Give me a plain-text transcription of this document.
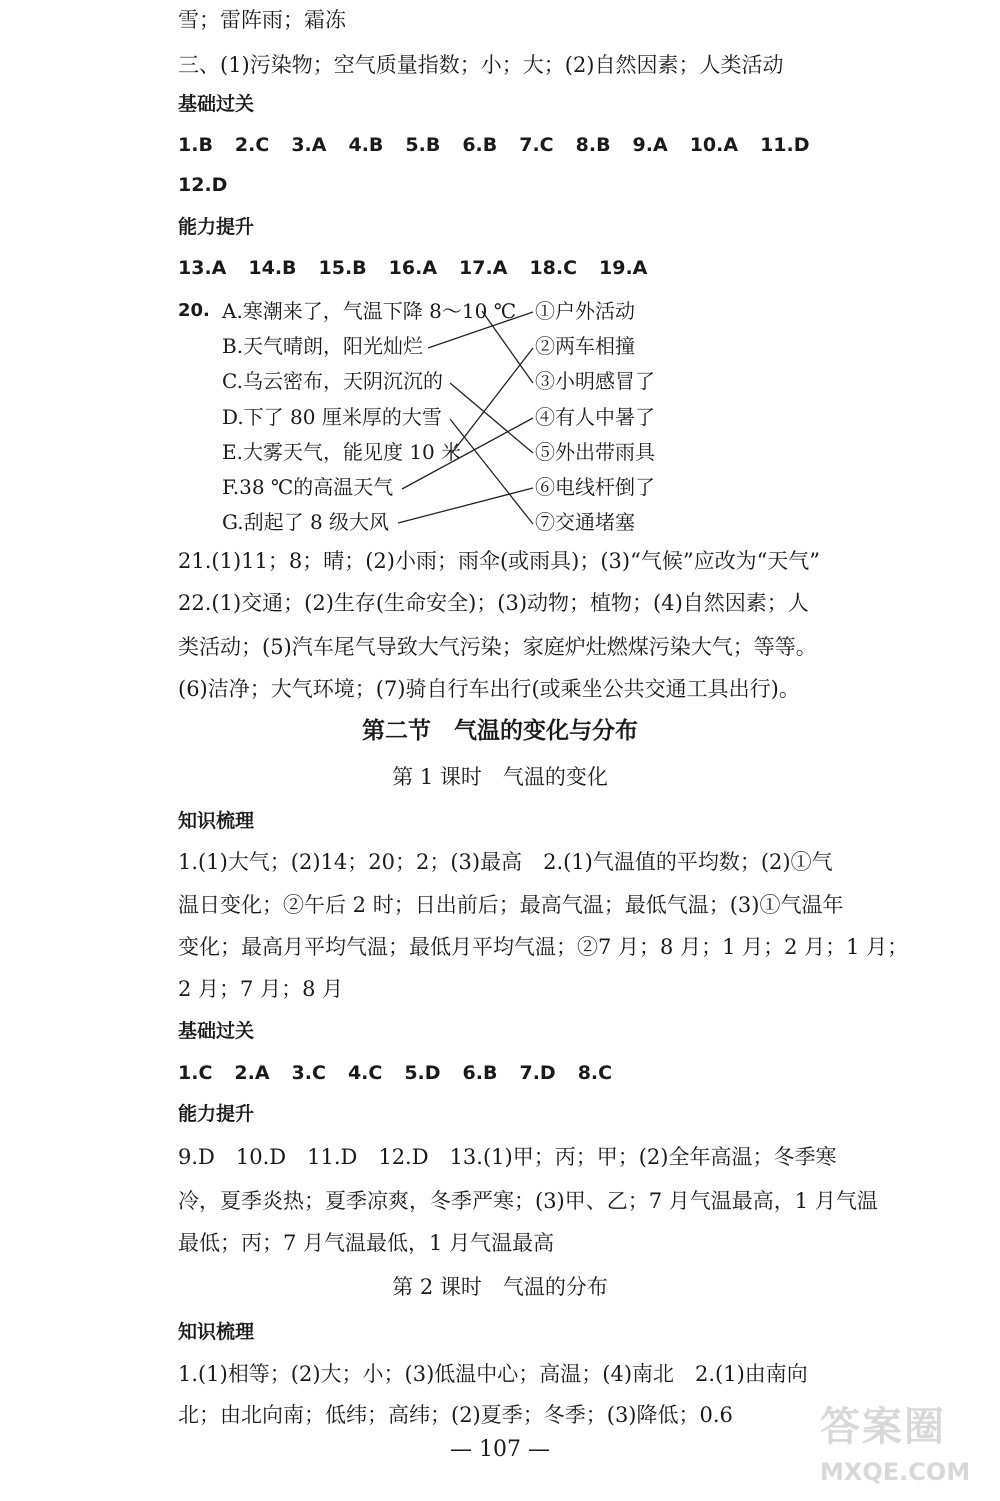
雪；雷阵雨；霜冻
三、(1)污染物；空气质量指数；小；大；(2)自然因素；人类活动
基础过关
1.B 2.C 3.A 4.B 5.B 6.B 7.C 8.B 9.A 10.A 11.D
12.D
能力提升
13.A 14.B 15.B 16.A 17.A 18.C 19.A
20. A.寒潮来了，气温下降 8～10 ℃
B.天气晴朗，阳光灿烂
C.乌云密布，天阴沉沉的
D.下了 80 厘米厚的大雪
E.大雾天气，能见度 10 米
F.38 ℃的高温天气
G.刮起了 8 级大风
①户外活动
②两车相撞
③小明感冒了
④有人中暑了
⑤外出带雨具
⑥电线杆倒了
⑦交通堵塞
21.(1)11；8；晴；(2)小雨；雨伞(或雨具)；(3)“气候”应改为“天气”
22.(1)交通；(2)生存(生命安全)；(3)动物；植物；(4)自然因素；人
类活动；(5)汽车尾气导致大气污染；家庭炉灶燃煤污染大气；等等。
(6)洁净；大气环境；(7)骑自行车出行(或乘坐公共交通工具出行)。
第二节　气温的变化与分布
第 1 课时　气温的变化
知识梳理
1.(1)大气；(2)14；20；2；(3)最高　2.(1)气温值的平均数；(2)①气
温日变化；②午后 2 时；日出前后；最高气温；最低气温；(3)①气温年
变化；最高月平均气温；最低月平均气温；②7 月；8 月；1 月；2 月；1 月；
2 月；7 月；8 月
基础过关
1.C 2.A 3.C 4.C 5.D 6.B 7.D 8.C
能力提升
9.D　10.D　11.D　12.D　13.(1)甲；丙；甲；(2)全年高温；冬季寒
冷，夏季炎热；夏季凉爽，冬季严寒；(3)甲、乙；7 月气温最高，1 月气温
最低；丙；7 月气温最低，1 月气温最高
第 2 课时　气温的分布
知识梳理
1.(1)相等；(2)大；小；(3)低温中心；高温；(4)南北　2.(1)由南向
北；由北向南；低纬；高纬；(2)夏季；冬季；(3)降低；0.6
— 107 —	答案圈
MXQE.COM
